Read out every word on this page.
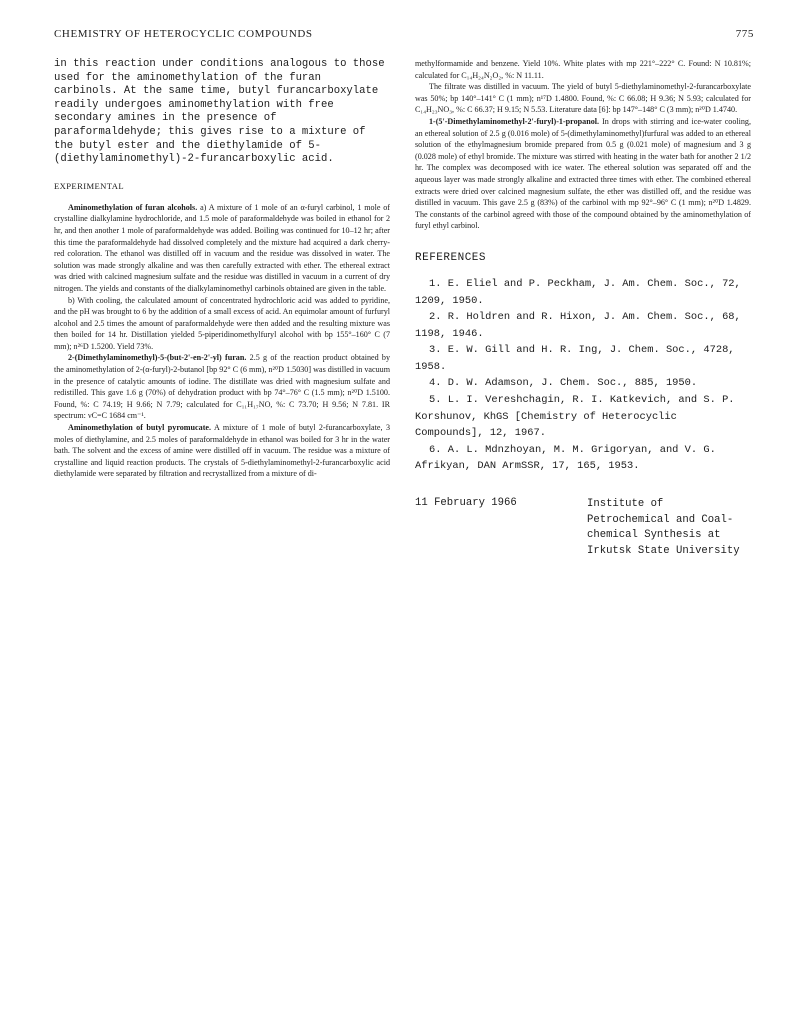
CHEMISTRY OF HETEROCYCLIC COMPOUNDS	775

in this reaction under conditions analogous to those used for the aminomethylation of the furan carbinols. At the same time, butyl furancarboxylate readily undergoes aminomethylation with free secondary amines in the presence of paraformaldehyde; this gives rise to a mixture of the butyl ester and the diethylamide of 5-(diethylaminomethyl)-2-furancarboxylic acid.

EXPERIMENTAL

Aminomethylation of furan alcohols. a) A mixture of 1 mole of an α-furyl carbinol, 1 mole of crystalline dialkylamine hydrochloride, and 1.5 mole of paraformaldehyde was boiled in ethanol for 2 hr, and then another 1 mole of paraformaldehyde was added. Boiling was continued for 10–12 hr; after this time the paraformaldehyde had dissolved completely and the mixture had acquired a dark cherry-red coloration. The ethanol was distilled off in vacuum and the residue was dissolved in water. The solution was made strongly alkaline and was then carefully extracted with ether. The ethereal extract was dried with calcined magnesium sulfate and the residue was distilled in vacuum in a current of dry nitrogen. The yields and constants of the dialkylaminomethyl carbinols obtained are given in the table.

b) With cooling, the calculated amount of concentrated hydrochloric acid was added to pyridine, and the pH was brought to 6 by the addition of a small excess of acid. An equimolar amount of furfuryl alcohol and 2.5 times the amount of paraformaldehyde were then added and the resulting mixture was then boiled for 14 hr. Distillation yielded 5-piperidinomethylfuryl alcohol with bp 155°–160° C (7 mm); n²⁶D 1.5200. Yield 73%.

2-(Dimethylaminomethyl)-5-(but-2'-en-2'-yl) furan. 2.5 g of the reaction product obtained by the aminomethylation of 2-(α-furyl)-2-butanol [bp 92° C (6 mm), n²⁰D 1.5030] was distilled in vacuum in the presence of catalytic amounts of iodine. The distillate was dried with magnesium sulfate and redistilled. This gave 1.6 g (70%) of dehydration product with bp 74°–76° C (1.5 mm); n²⁰D 1.5100. Found, %: C 74.19; H 9.66; N 7.79; calculated for C₁₁H₁₇NO, %: C 73.70; H 9.56; N 7.81. IR spectrum: νC=C 1684 cm⁻¹.

Aminomethylation of butyl pyromucate. A mixture of 1 mole of butyl 2-furancarboxylate, 3 moles of diethylamine, and 2.5 moles of paraformaldehyde in ethanol was boiled for 3 hr in the water bath. The solvent and the excess of amine were distilled off in vacuum. The residue was a mixture of crystalline and liquid reaction products. The crystals of 5-diethylaminomethyl-2-furancarboxylic acid diethylamide were separated by filtration and recrystallized from a mixture of di-

methylformamide and benzene. Yield 10%. White plates with mp 221°–222° C. Found: N 10.81%; calculated for C₁₄H₂₄N₂O₂, %: N 11.11.

The filtrate was distilled in vacuum. The yield of butyl 5-diethylaminomethyl-2-furancarboxylate was 50%; bp 140°–141° C (1 mm); n¹⁷D 1.4800. Found, %: C 66.08; H 9.36; N 5.93; calculated for C₁₄H₂₃NO₃, %: C 66.37; H 9.15; N 5.53. Literature data [6]: bp 147°–148° C (3 mm); n²⁰D 1.4740.

1-(5'-Dimethylaminomethyl-2'-furyl)-1-propanol. In drops with stirring and ice-water cooling, an ethereal solution of 2.5 g (0.016 mole) of 5-(dimethylaminomethyl)furfural was added to an ethereal solution of the ethylmagnesium bromide prepared from 0.5 g (0.021 mole) of magnesium and 3 g (0.028 mole) of ethyl bromide. The mixture was stirred with heating in the water bath for another 2 1/2 hr. The complex was decomposed with ice water. The ethereal solution was separated off and the aqueous layer was made strongly alkaline and extracted three times with ether. The combined ethereal extracts were dried over calcined magnesium sulfate, the ether was distilled off, and the residue was distilled in vacuum. This gave 2.5 g (83%) of the carbinol with mp 92°–96° C (1 mm); n²⁰D 1.4829. The constants of the carbinol agreed with those of the compound obtained by the aminomethylation of furyl ethyl carbinol.

REFERENCES
1. E. Eliel and P. Peckham, J. Am. Chem. Soc., 72, 1209, 1950.
2. R. Holdren and R. Hixon, J. Am. Chem. Soc., 68, 1198, 1946.
3. E. W. Gill and H. R. Ing, J. Chem. Soc., 4728, 1958.
4. D. W. Adamson, J. Chem. Soc., 885, 1950.
5. L. I. Vereshchagin, R. I. Katkevich, and S. P. Korshunov, KhGS [Chemistry of Heterocyclic Compounds], 12, 1967.
6. A. L. Mdnzhoyan, M. M. Grigoryan, and V. G. Afrikyan, DAN ArmSSR, 17, 165, 1953.
11 February 1966	Institute of Petrochemical and Coal-chemical Synthesis at Irkutsk State University
